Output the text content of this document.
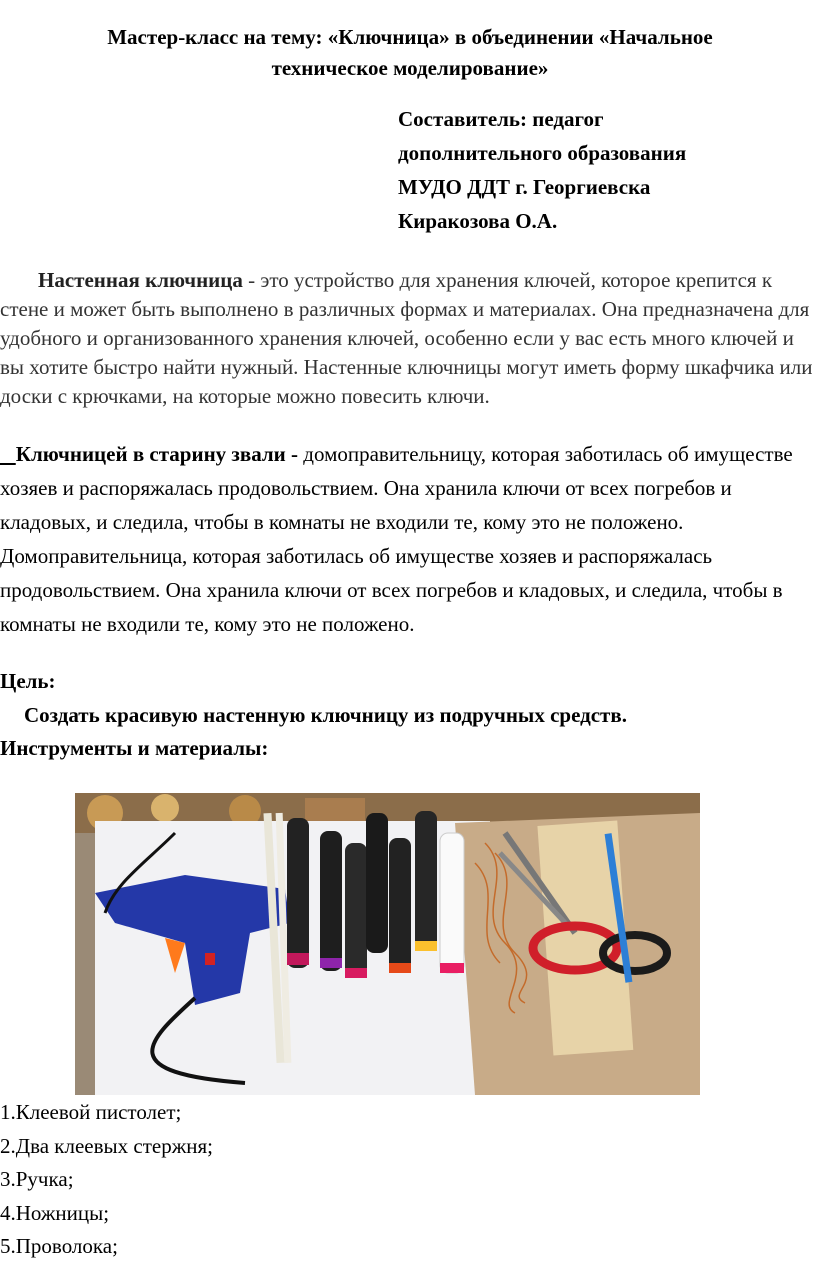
Мастер-класс на тему: «Ключница» в объединении «Начальное
техническое моделирование»
Составитель: педагог
дополнительного образования
МУДО ДДТ г. Георгиевска
Киракозова О.А.

Настенная ключница - это устройство для хранения ключей, которое крепится к стене и может быть выполнено в различных формах и материалах. Она предназначена для удобного и организованного хранения ключей, особенно если у вас есть много ключей и вы хотите быстро найти нужный. Настенные ключницы могут иметь форму шкафчика или доски с крючками, на которые можно повесить ключи.

Ключницей в старину звали - домоправительницу, которая заботилась об имуществе хозяев и распоряжалась продовольствием. Она хранила ключи от всех погребов и кладовых, и следила, чтобы в комнаты не входили те, кому это не положено. Домоправительница, которая заботилась об имуществе хозяев и распоряжалась продовольствием. Она хранила ключи от всех погребов и кладовых, и следила, чтобы в комнаты не входили те, кому это не положено.

Цель:
Создать красивую настенную ключницу из подручных средств.
Инструменты и материалы:
1.Клеевой пистолет;
2.Два клеевых стержня;
3.Ручка;
4.Ножницы;
5.Проволока;
